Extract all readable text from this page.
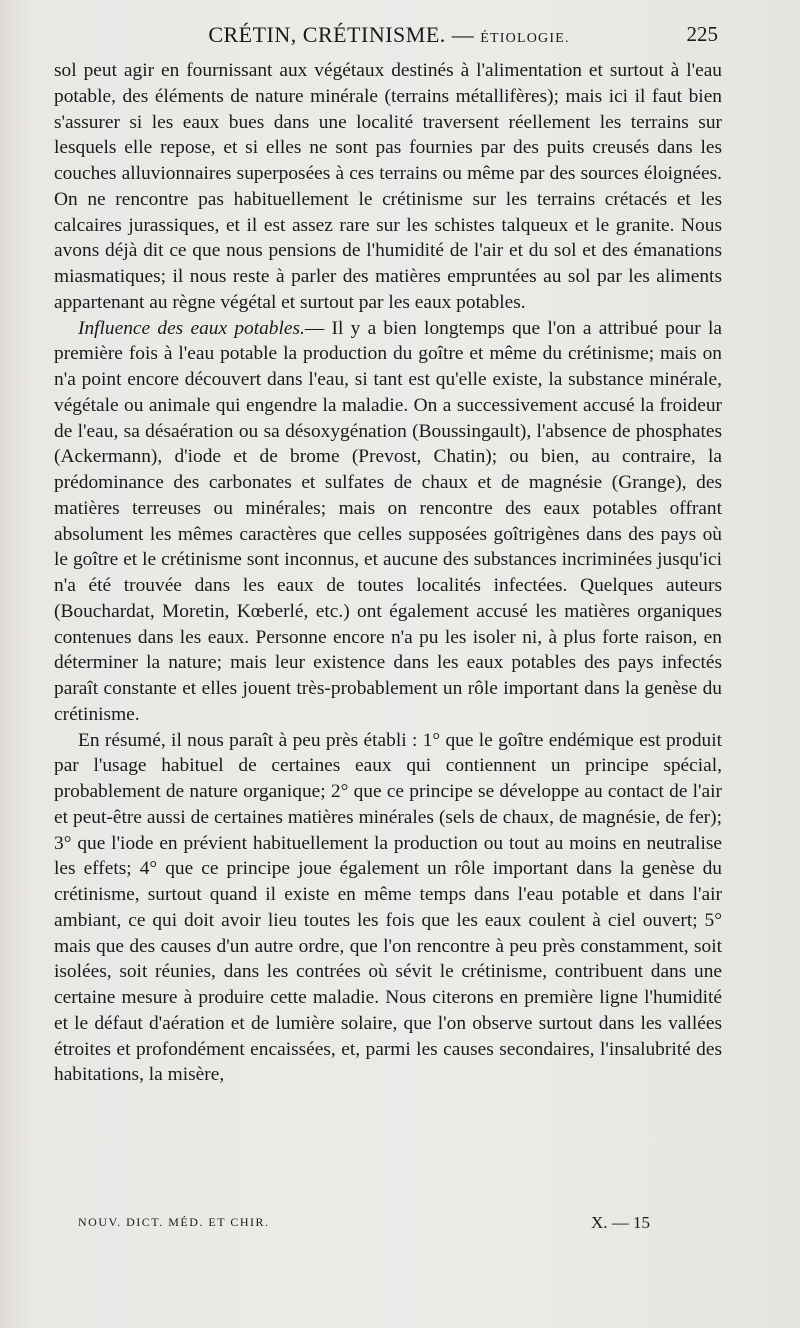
CRÉTIN, CRÉTINISME. — ÉTIOLOGIE.	225

sol peut agir en fournissant aux végétaux destinés à l'alimentation et surtout à l'eau potable, des éléments de nature minérale (terrains métallifères); mais ici il faut bien s'assurer si les eaux bues dans une localité traversent réellement les terrains sur lesquels elle repose, et si elles ne sont pas fournies par des puits creusés dans les couches alluvionnaires superposées à ces terrains ou même par des sources éloignées. On ne rencontre pas habituellement le crétinisme sur les terrains crétacés et les calcaires jurassiques, et il est assez rare sur les schistes talqueux et le granite. Nous avons déjà dit ce que nous pensions de l'humidité de l'air et du sol et des émanations miasmatiques; il nous reste à parler des matières empruntées au sol par les aliments appartenant au règne végétal et surtout par les eaux potables.

Influence des eaux potables.— Il y a bien longtemps que l'on a attribué pour la première fois à l'eau potable la production du goître et même du crétinisme; mais on n'a point encore découvert dans l'eau, si tant est qu'elle existe, la substance minérale, végétale ou animale qui engendre la maladie. On a successivement accusé la froideur de l'eau, sa désaération ou sa désoxygénation (Boussingault), l'absence de phosphates (Ackermann), d'iode et de brome (Prevost, Chatin); ou bien, au contraire, la prédominance des carbonates et sulfates de chaux et de magnésie (Grange), des matières terreuses ou minérales; mais on rencontre des eaux potables offrant absolument les mêmes caractères que celles supposées goîtrigènes dans des pays où le goître et le crétinisme sont inconnus, et aucune des substances incriminées jusqu'ici n'a été trouvée dans les eaux de toutes localités infectées. Quelques auteurs (Bouchardat, Moretin, Kœberlé, etc.) ont également accusé les matières organiques contenues dans les eaux. Personne encore n'a pu les isoler ni, à plus forte raison, en déterminer la nature; mais leur existence dans les eaux potables des pays infectés paraît constante et elles jouent très-probablement un rôle important dans la genèse du crétinisme.

En résumé, il nous paraît à peu près établi : 1° que le goître endémique est produit par l'usage habituel de certaines eaux qui contiennent un principe spécial, probablement de nature organique; 2° que ce principe se développe au contact de l'air et peut-être aussi de certaines matières minérales (sels de chaux, de magnésie, de fer); 3° que l'iode en prévient habituellement la production ou tout au moins en neutralise les effets; 4° que ce principe joue également un rôle important dans la genèse du crétinisme, surtout quand il existe en même temps dans l'eau potable et dans l'air ambiant, ce qui doit avoir lieu toutes les fois que les eaux coulent à ciel ouvert; 5° mais que des causes d'un autre ordre, que l'on rencontre à peu près constamment, soit isolées, soit réunies, dans les contrées où sévit le crétinisme, contribuent dans une certaine mesure à produire cette maladie. Nous citerons en première ligne l'humidité et le défaut d'aération et de lumière solaire, que l'on observe surtout dans les vallées étroites et profondément encaissées, et, parmi les causes secondaires, l'insalubrité des habitations, la misère,

NOUV. DICT. MÉD. ET CHIR.	X. — 15
